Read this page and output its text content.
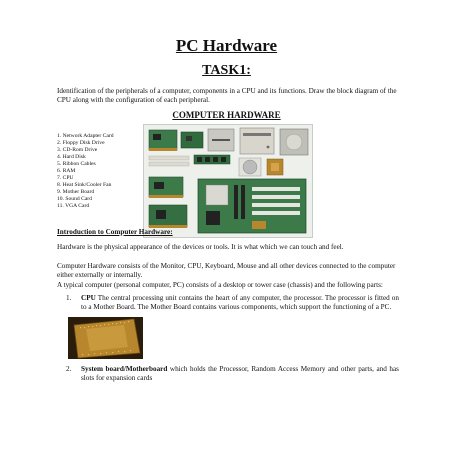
PC Hardware
TASK1:
Identification of the peripherals of a computer, components in a CPU and its functions. Draw the block diagram of the CPU along with the configuration of each peripheral.
COMPUTER HARDWARE
1. Network Adapter Card
2. Floppy Disk Drive
3. CD-Rom Drive
4. Hard Disk
5. Ribbon Cables
6. RAM
7. CPU
8. Heat Sink/Cooler Fan
9. Mother Board
10. Sound Card
11. VGA Card
Introduction to Computer Hardware:
Hardware is the physical appearance of the devices or tools. It is what which we can touch and feel.
Computer Hardware consists of the Monitor, CPU, Keyboard, Mouse and all other devices connected to the computer either externally or internally.
A typical computer (personal computer, PC) consists of a desktop or tower case (chassis) and the following parts:
1. CPU The central processing unit contains the heart of any computer, the processor. The processor is fitted on to a Mother Board. The Mother Board contains various components, which support the functioning of a PC.
2. System board/Motherboard which holds the Processor, Random Access Memory and other parts, and has slots for expansion cards
